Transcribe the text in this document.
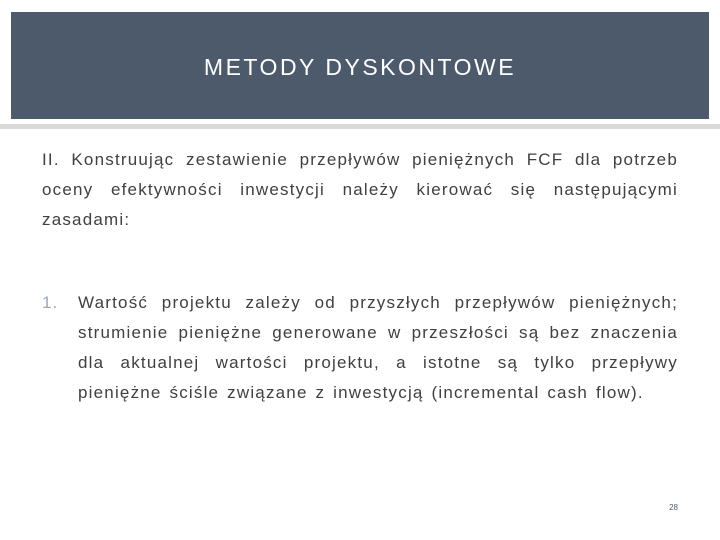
METODY DYSKONTOWE

II. Konstruując zestawienie przepływów pieniężnych FCF dla potrzeb oceny efektywności inwestycji należy kierować się następującymi zasadami:

1.	Wartość projektu zależy od przyszłych przepływów pieniężnych; strumienie pieniężne generowane w przeszłości są bez znaczenia dla aktualnej wartości projektu, a istotne są tylko przepływy pieniężne ściśle związane z inwestycją (incremental cash flow).
28
